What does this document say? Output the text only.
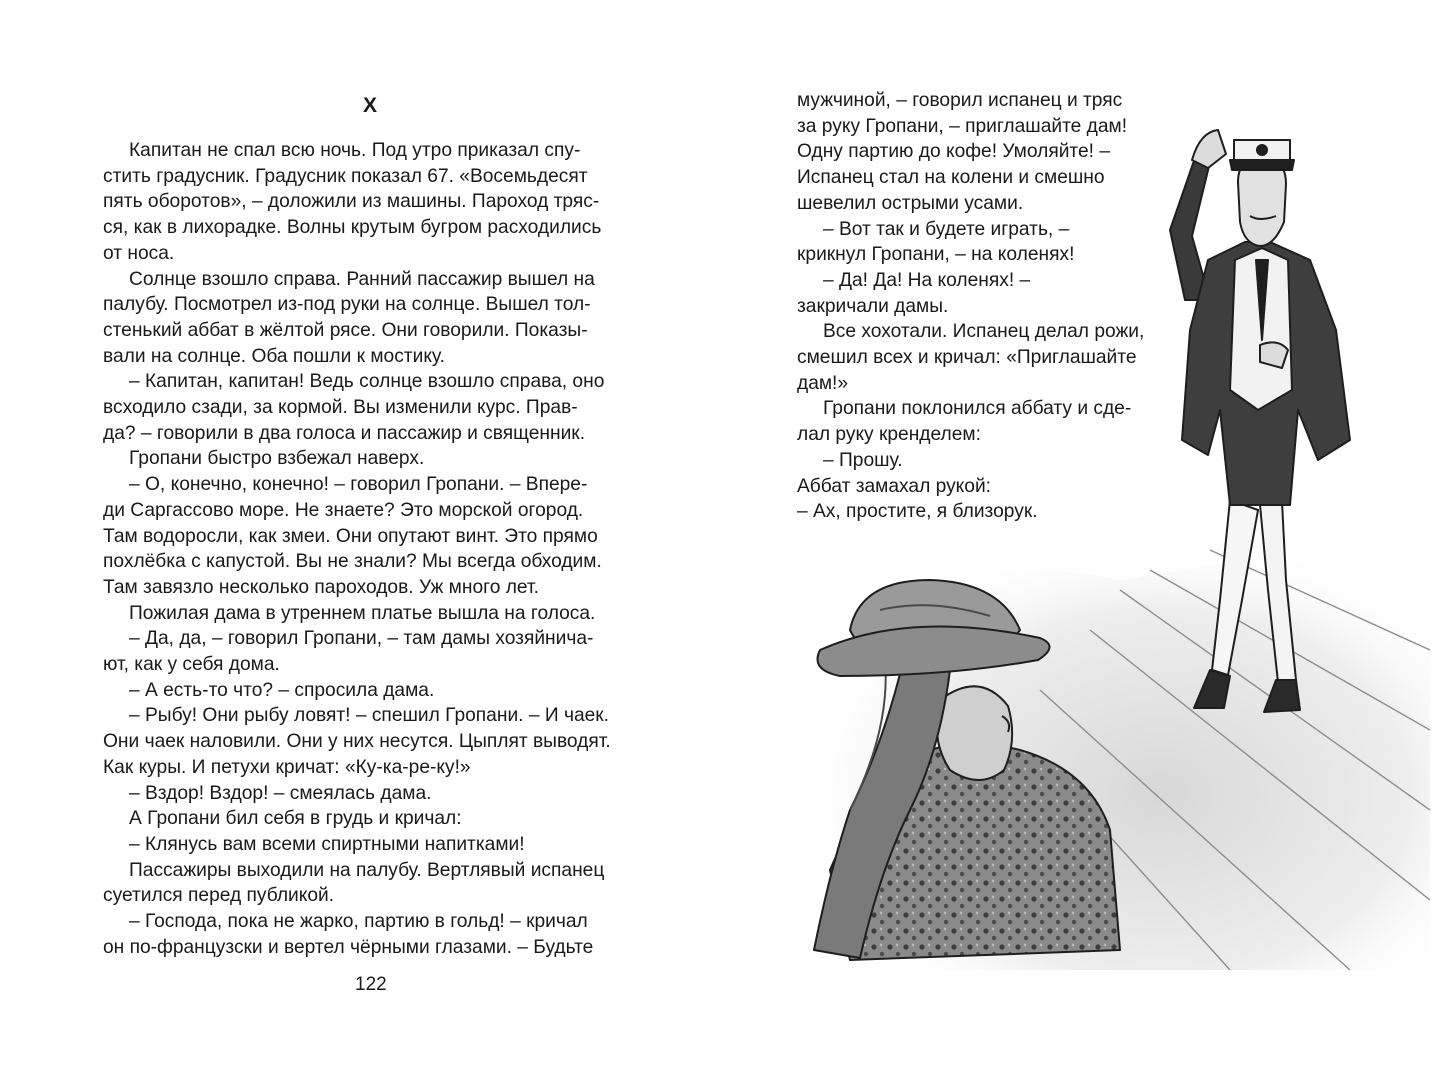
Х

Капитан не спал всю ночь. Под утро приказал спу-

стить градусник. Градусник показал 67. «Восемьдесят

пять оборотов», – доложили из машины. Пароход тряс-

ся, как в лихорадке. Волны крутым бугром расходились

от носа.

Солнце взошло справа. Ранний пассажир вышел на

палубу. Посмотрел из-под руки на солнце. Вышел тол-

стенький аббат в жёлтой рясе. Они говорили. Показы-

вали на солнце. Оба пошли к мостику.

– Капитан, капитан! Ведь солнце взошло справа, оно

всходило сзади, за кормой. Вы изменили курс. Прав-

да? – говорили в два голоса и пассажир и священник.

Гропани быстро взбежал наверх.

– О, конечно, конечно! – говорил Гропани. – Впере-

ди Саргассово море. Не знаете? Это морской огород.

Там водоросли, как змеи. Они опутают винт. Это прямо

похлёбка с капустой. Вы не знали? Мы всегда обходим.

Там завязло несколько пароходов. Уж много лет.

Пожилая дама в утреннем платье вышла на голоса.

– Да, да, – говорил Гропани, – там дамы хозяйнича-

ют, как у себя дома.

– А есть-то что? – спросила дама.

– Рыбу! Они рыбу ловят! – спешил Гропани. – И чаек.

Они чаек наловили. Они у них несутся. Цыплят выводят.

Как куры. И петухи кричат: «Ку-ка-ре-ку!»

– Вздор! Вздор! – смеялась дама.

А Гропани бил себя в грудь и кричал:

– Клянусь вам всеми спиртными напитками!

Пассажиры выходили на палубу. Вертлявый испанец

суетился перед публикой.

– Господа, пока не жарко, партию в гольд! – кричал

он по-французски и вертел чёрными глазами. – Будьте

122

мужчиной, – говорил испанец и тряс

за руку Гропани, – приглашайте дам!

Одну партию до кофе! Умоляйте! –

Испанец стал на колени и смешно

шевелил острыми усами.

– Вот так и будете играть, –

крикнул Гропани, – на коленях!

– Да! Да! На коленях! –

закричали дамы.

Все хохотали. Испанец делал рожи,

смешил всех и кричал: «Приглашайте

дам!»

Гропани поклонился аббату и сде-

лал руку кренделем:

– Прошу.

Аббат замахал рукой:

– Ах, простите, я близорук.
